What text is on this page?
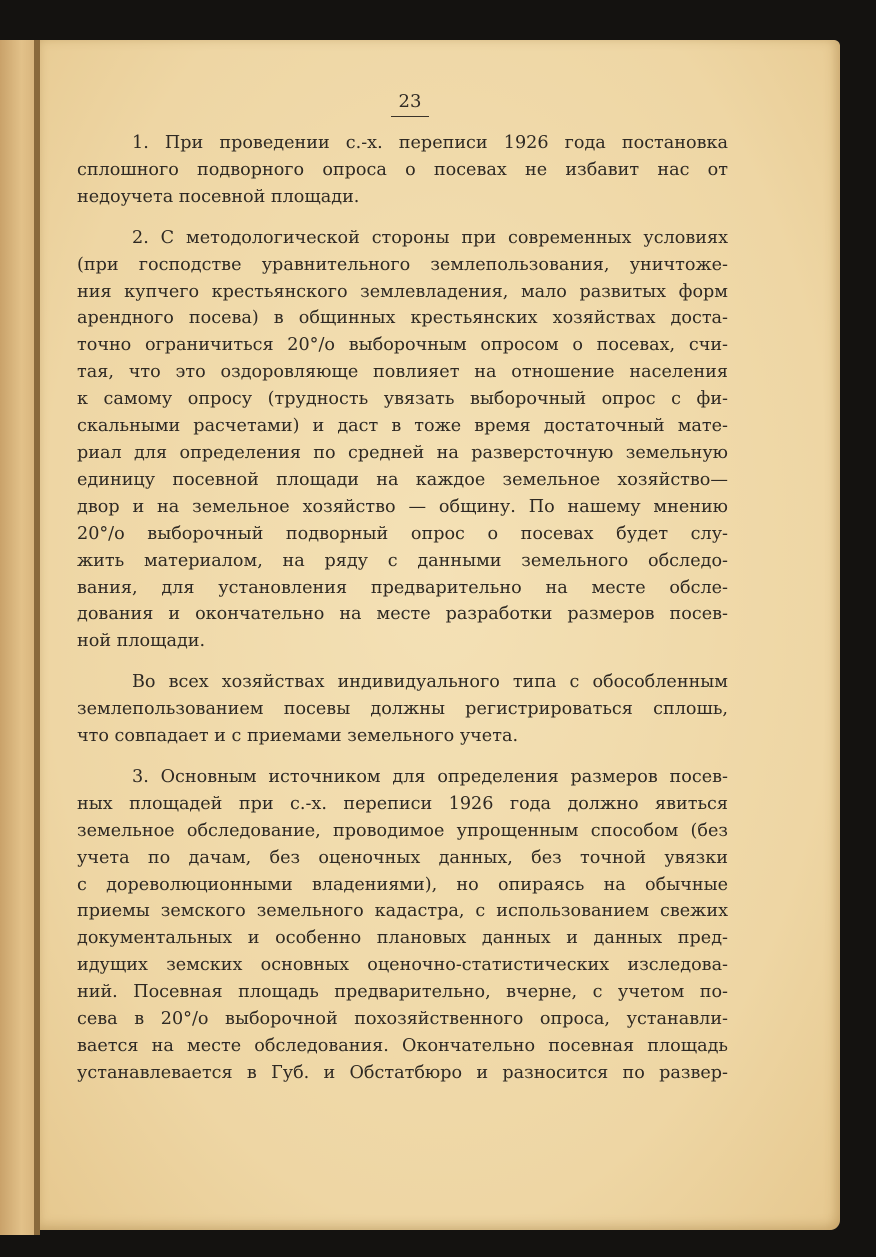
23
1. При проведении с.-х. переписи 1926 года постановка
сплошного подворного опроса о посевах не избавит нас от
недоучета посевной площади.
2. С методологической стороны при современных условиях
(при господстве уравнительного землепользования, уничтоже-
ния купчего крестьянского землевладения, мало развитых форм
арендного посева) в общинных крестьянских хозяйствах доста-
точно ограничиться 20°/о выборочным опросом о посевах, счи-
тая, что это оздоровляюще повлияет на отношение населения
к самому опросу (трудность увязать выборочный опрос с фи-
скальными расчетами) и даст в тоже время достаточный мате-
риал для определения по средней на разверсточную земельную
единицу посевной площади на каждое земельное хозяйство—
двор и на земельное хозяйство — общину. По нашему мнению
20°/о выборочный подворный опрос о посевах будет слу-
жить материалом, на ряду с данными земельного обследо-
вания, для установления предварительно на месте обсле-
дования и окончательно на месте разработки размеров посев-
ной площади.
Во всех хозяйствах индивидуального типа с обособленным
землепользованием посевы должны регистрироваться сплошь,
что совпадает и с приемами земельного учета.
3. Основным источником для определения размеров посев-
ных площадей при с.-х. переписи 1926 года должно явиться
земельное обследование, проводимое упрощенным способом (без
учета по дачам, без оценочных данных, без точной увязки
с дореволюционными владениями), но опираясь на обычные
приемы земского земельного кадастра, с использованием свежих
документальных и особенно плановых данных и данных пред-
идущих земских основных оценочно-статистических изследова-
ний. Посевная площадь предварительно, вчерне, с учетом по-
сева в 20°/о выборочной похозяйственного опроса, устанавли-
вается на месте обследования. Окончательно посевная площадь
устанавлевается в Губ. и Обстатбюро и разносится по развер-
